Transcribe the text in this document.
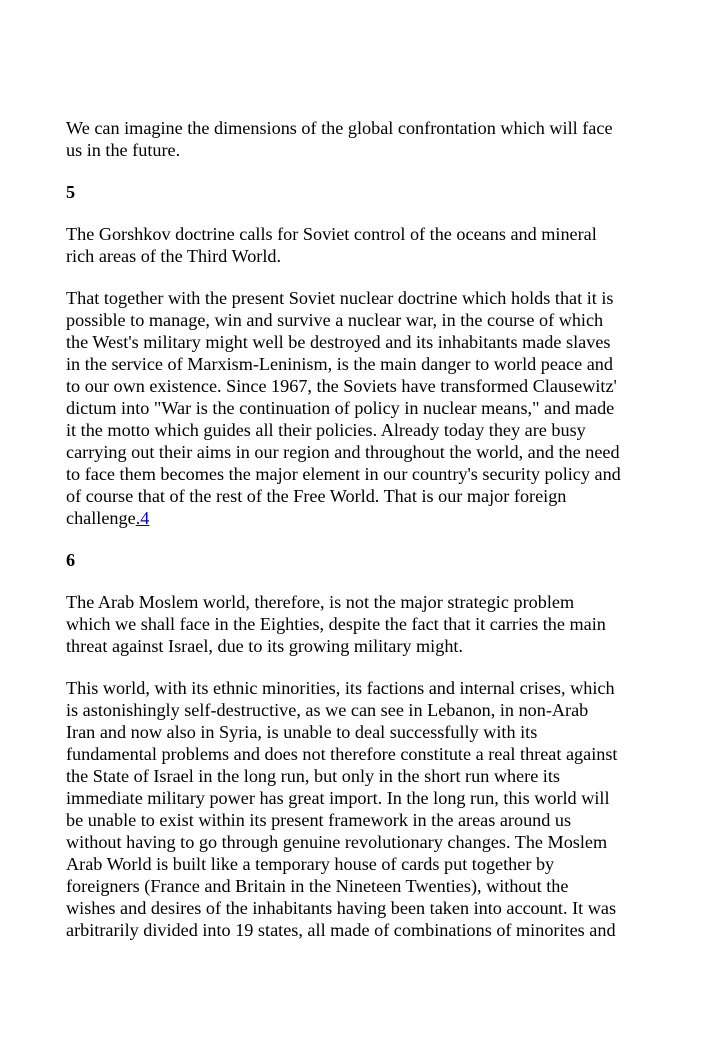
We can imagine the dimensions of the global confrontation which will face
us in the future.

5

The Gorshkov doctrine calls for Soviet control of the oceans and mineral
rich areas of the Third World.

That together with the present Soviet nuclear doctrine which holds that it is
possible to manage, win and survive a nuclear war, in the course of which
the West's military might well be destroyed and its inhabitants made slaves
in the service of Marxism-Leninism, is the main danger to world peace and
to our own existence. Since 1967, the Soviets have transformed Clausewitz'
dictum into "War is the continuation of policy in nuclear means," and made
it the motto which guides all their policies. Already today they are busy
carrying out their aims in our region and throughout the world, and the need
to face them becomes the major element in our country's security policy and
of course that of the rest of the Free World. That is our major foreign
challenge.4

6

The Arab Moslem world, therefore, is not the major strategic problem
which we shall face in the Eighties, despite the fact that it carries the main
threat against Israel, due to its growing military might.

This world, with its ethnic minorities, its factions and internal crises, which
is astonishingly self-destructive, as we can see in Lebanon, in non-Arab
Iran and now also in Syria, is unable to deal successfully with its
fundamental problems and does not therefore constitute a real threat against
the State of Israel in the long run, but only in the short run where its
immediate military power has great import. In the long run, this world will
be unable to exist within its present framework in the areas around us
without having to go through genuine revolutionary changes. The Moslem
Arab World is built like a temporary house of cards put together by
foreigners (France and Britain in the Nineteen Twenties), without the
wishes and desires of the inhabitants having been taken into account. It was
arbitrarily divided into 19 states, all made of combinations of minorites and
